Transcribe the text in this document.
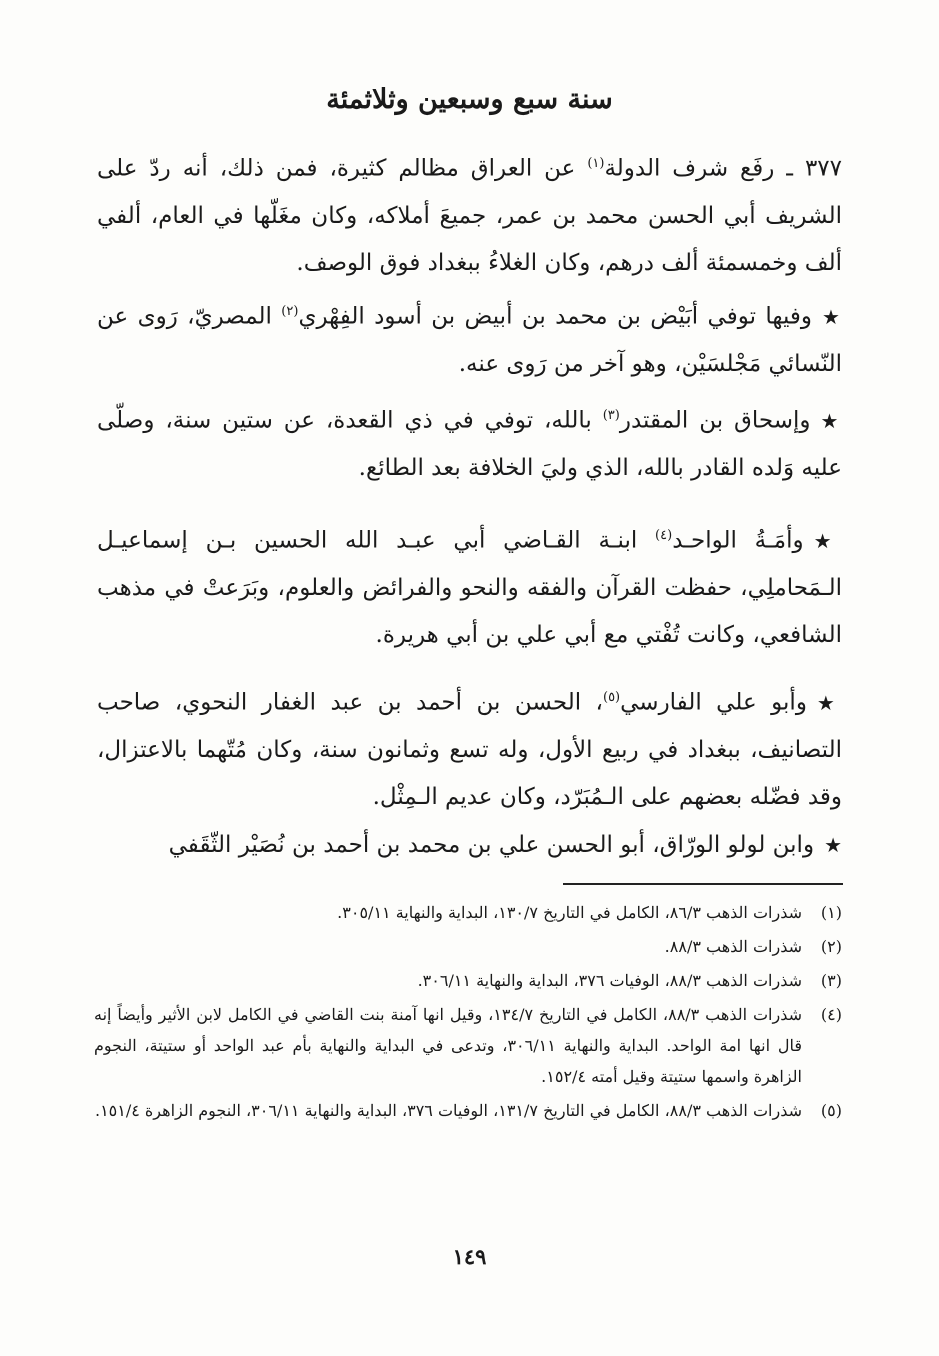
سنة سبع وسبعين وثلاثمئة

٣٧٧ ـ رفَع شرف الدولة$^{(١)}$ عن العراق مظالم كثيرة، فمن ذلك، أنه ردّ على الشريف أبي الحسن محمد بن عمر، جميعَ أملاكه، وكان مغَلّها في العام، ألفي ألف وخمسمئة ألف درهم، وكان الغلاءُ ببغداد فوق الوصف.

★وفيها توفي أبَيْض بن محمد بن أبيض بن أسود الفِهْري$^{(٢)}$ المصريّ، رَوى عن النّسائي مَجْلسَيْن، وهو آخر من رَوى عنه.

★وإسحاق بن المقتدر$^{(٣)}$ بالله، توفي في ذي القعدة، عن ستين سنة، وصلّى عليه وَلده القادر بالله، الذي وليَ الخلافة بعد الطائع.

★وأمَـةُ الواحـد$^{(٤)}$ ابنـة القـاضي أبي عبـد الله الحسين بـن إسماعيـل الـمَحاملِي، حفظت القرآن والفقه والنحو والفرائض والعلوم، وبَرَعتْ في مذهب الشافعي، وكانت تُفْتي مع أبي علي بن أبي هريرة.

★وأبو علي الفارسي$^{(٥)}$، الحسن بن أحمد بن عبد الغفار النحوي، صاحب التصانيف، ببغداد في ربيع الأول، وله تسع وثمانون سنة، وكان مُتّهما بالاعتزال، وقد فضّله بعضهم على الـمُبَرّد، وكان عديم الـمِثْل.

★وابن لولو الورّاق، أبو الحسن علي بن محمد بن أحمد بن نُصَيْر الثّقَفي

(١)
شذرات الذهب ٨٦/٣، الكامل في التاريخ ١٣٠/٧، البداية والنهاية ٣٠٥/١١.
(٢)
شذرات الذهب ٨٨/٣.
(٣)
شذرات الذهب ٨٨/٣، الوفيات ٣٧٦، البداية والنهاية ٣٠٦/١١.
(٤)
شذرات الذهب ٨٨/٣، الكامل في التاريخ ١٣٤/٧، وقيل انها آمنة بنت القاضي في الكامل لابن الأثير وأيضاً إنه قال انها امة الواحد. البداية والنهاية ٣٠٦/١١، وتدعى في البداية والنهاية بأم عبد الواحد أو ستيتة، النجوم الزاهرة واسمها ستيتة وقيل أمته ١٥٢/٤.
(٥)
شذرات الذهب ٨٨/٣، الكامل في التاريخ ١٣١/٧، الوفيات ٣٧٦، البداية والنهاية ٣٠٦/١١، النجوم الزاهرة ١٥١/٤.
١٤٩
